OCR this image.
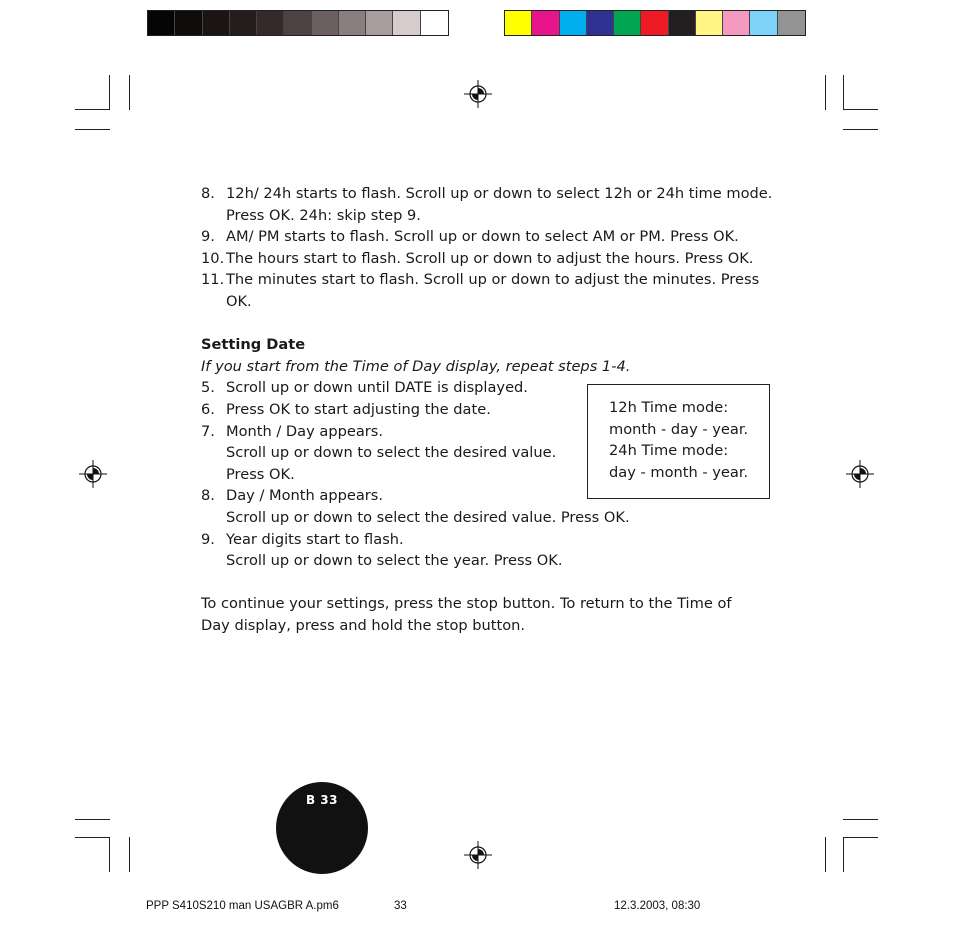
8. 12h/ 24h starts to flash. Scroll up or down to select 12h or 24h time mode. Press OK. 24h: skip step 9.
9. AM/ PM starts to flash. Scroll up or down to select AM or PM. Press OK.
10. The hours start to flash. Scroll up or down to adjust the hours. Press OK.
11. The minutes start to flash. Scroll up or down to adjust the minutes. Press OK.
Setting Date
If you start from the Time of Day display, repeat steps 1-4.
5. Scroll up or down until DATE is displayed.
6. Press OK to start adjusting the date.
7. Month / Day appears.
Scroll up or down to select the desired value.
Press OK.
8. Day / Month appears.
Scroll up or down to select the desired value. Press OK.
9. Year digits start to flash.
Scroll up or down to select the year. Press OK.
To continue your settings, press the stop button. To return to the Time of Day display, press and hold the stop button.
12h Time mode:
month - day - year.
24h Time mode:
day - month - year.
B 33
PPP S410S210 man USAGBR A.pm6	33	12.3.2003, 08:30
